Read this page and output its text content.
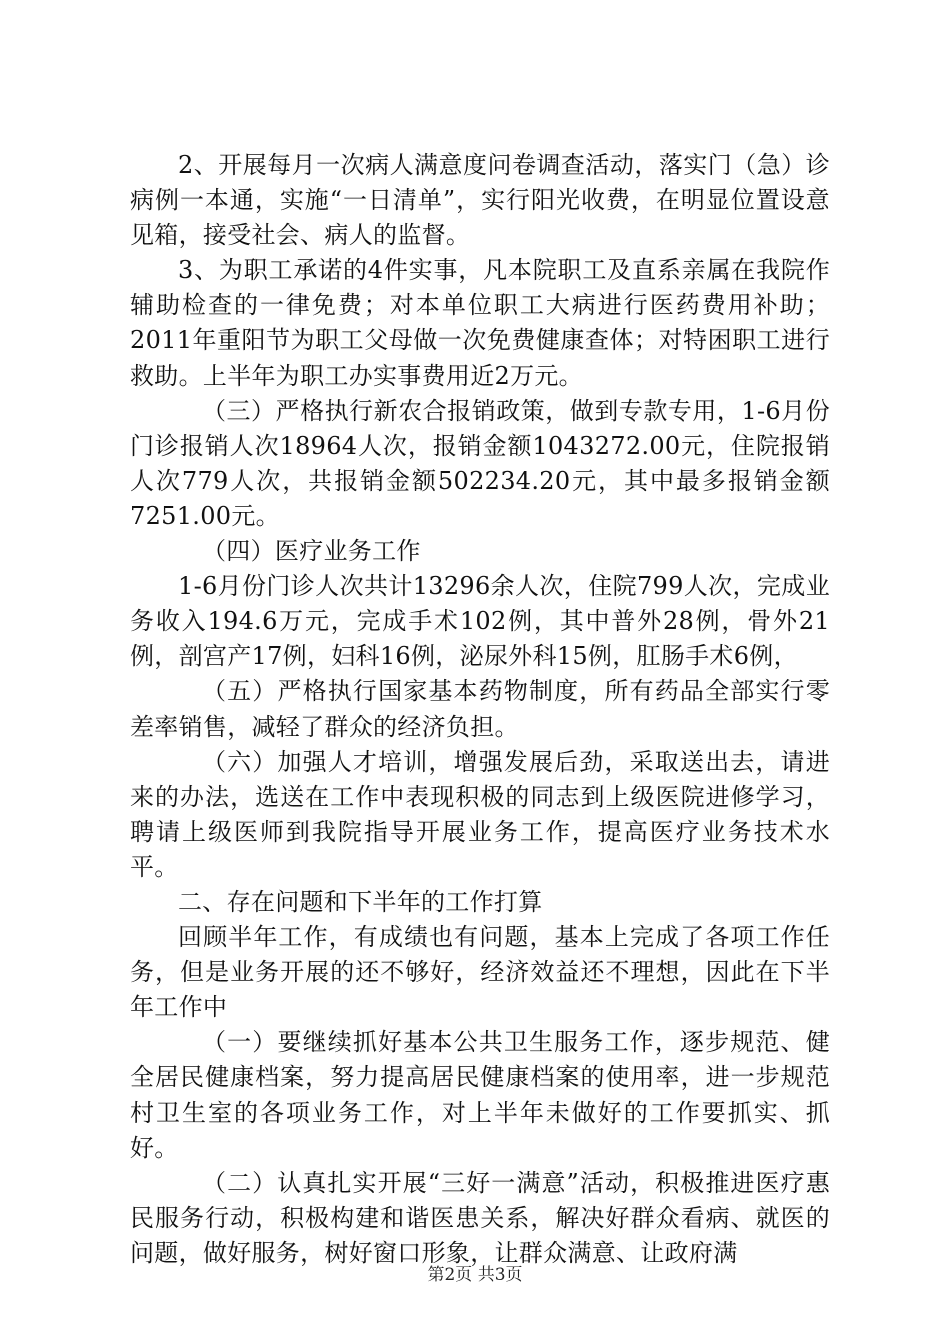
2、开展每月一次病人满意度问卷调查活动，落实门（急）诊病例一本通，实施“一日清单”，实行阳光收费，在明显位置设意见箱，接受社会、病人的监督。

3、为职工承诺的4件实事，凡本院职工及直系亲属在我院作辅助检查的一律免费；对本单位职工大病进行医药费用补助；2011年重阳节为职工父母做一次免费健康查体；对特困职工进行救助。上半年为职工办实事费用近2万元。

（三）严格执行新农合报销政策，做到专款专用，1-6月份门诊报销人次18964人次，报销金额1043272.00元，住院报销人次779人次，共报销金额502234.20元，其中最多报销金额7251.00元。

（四）医疗业务工作

1-6月份门诊人次共计13296余人次，住院799人次，完成业务收入194.6万元，完成手术102例，其中普外28例，骨外21例，剖宫产17例，妇科16例，泌尿外科15例，肛肠手术6例，

（五）严格执行国家基本药物制度，所有药品全部实行零差率销售，减轻了群众的经济负担。

（六）加强人才培训，增强发展后劲，采取送出去，请进来的办法，选送在工作中表现积极的同志到上级医院进修学习，聘请上级医师到我院指导开展业务工作，提高医疗业务技术水平。

二、存在问题和下半年的工作打算

回顾半年工作，有成绩也有问题，基本上完成了各项工作任务，但是业务开展的还不够好，经济效益还不理想，因此在下半年工作中

（一）要继续抓好基本公共卫生服务工作，逐步规范、健全居民健康档案，努力提高居民健康档案的使用率，进一步规范村卫生室的各项业务工作，对上半年未做好的工作要抓实、抓好。

（二）认真扎实开展“三好一满意”活动，积极推进医疗惠民服务行动，积极构建和谐医患关系，解决好群众看病、就医的问题，做好服务，树好窗口形象，让群众满意、让政府满

第2页 共3页
